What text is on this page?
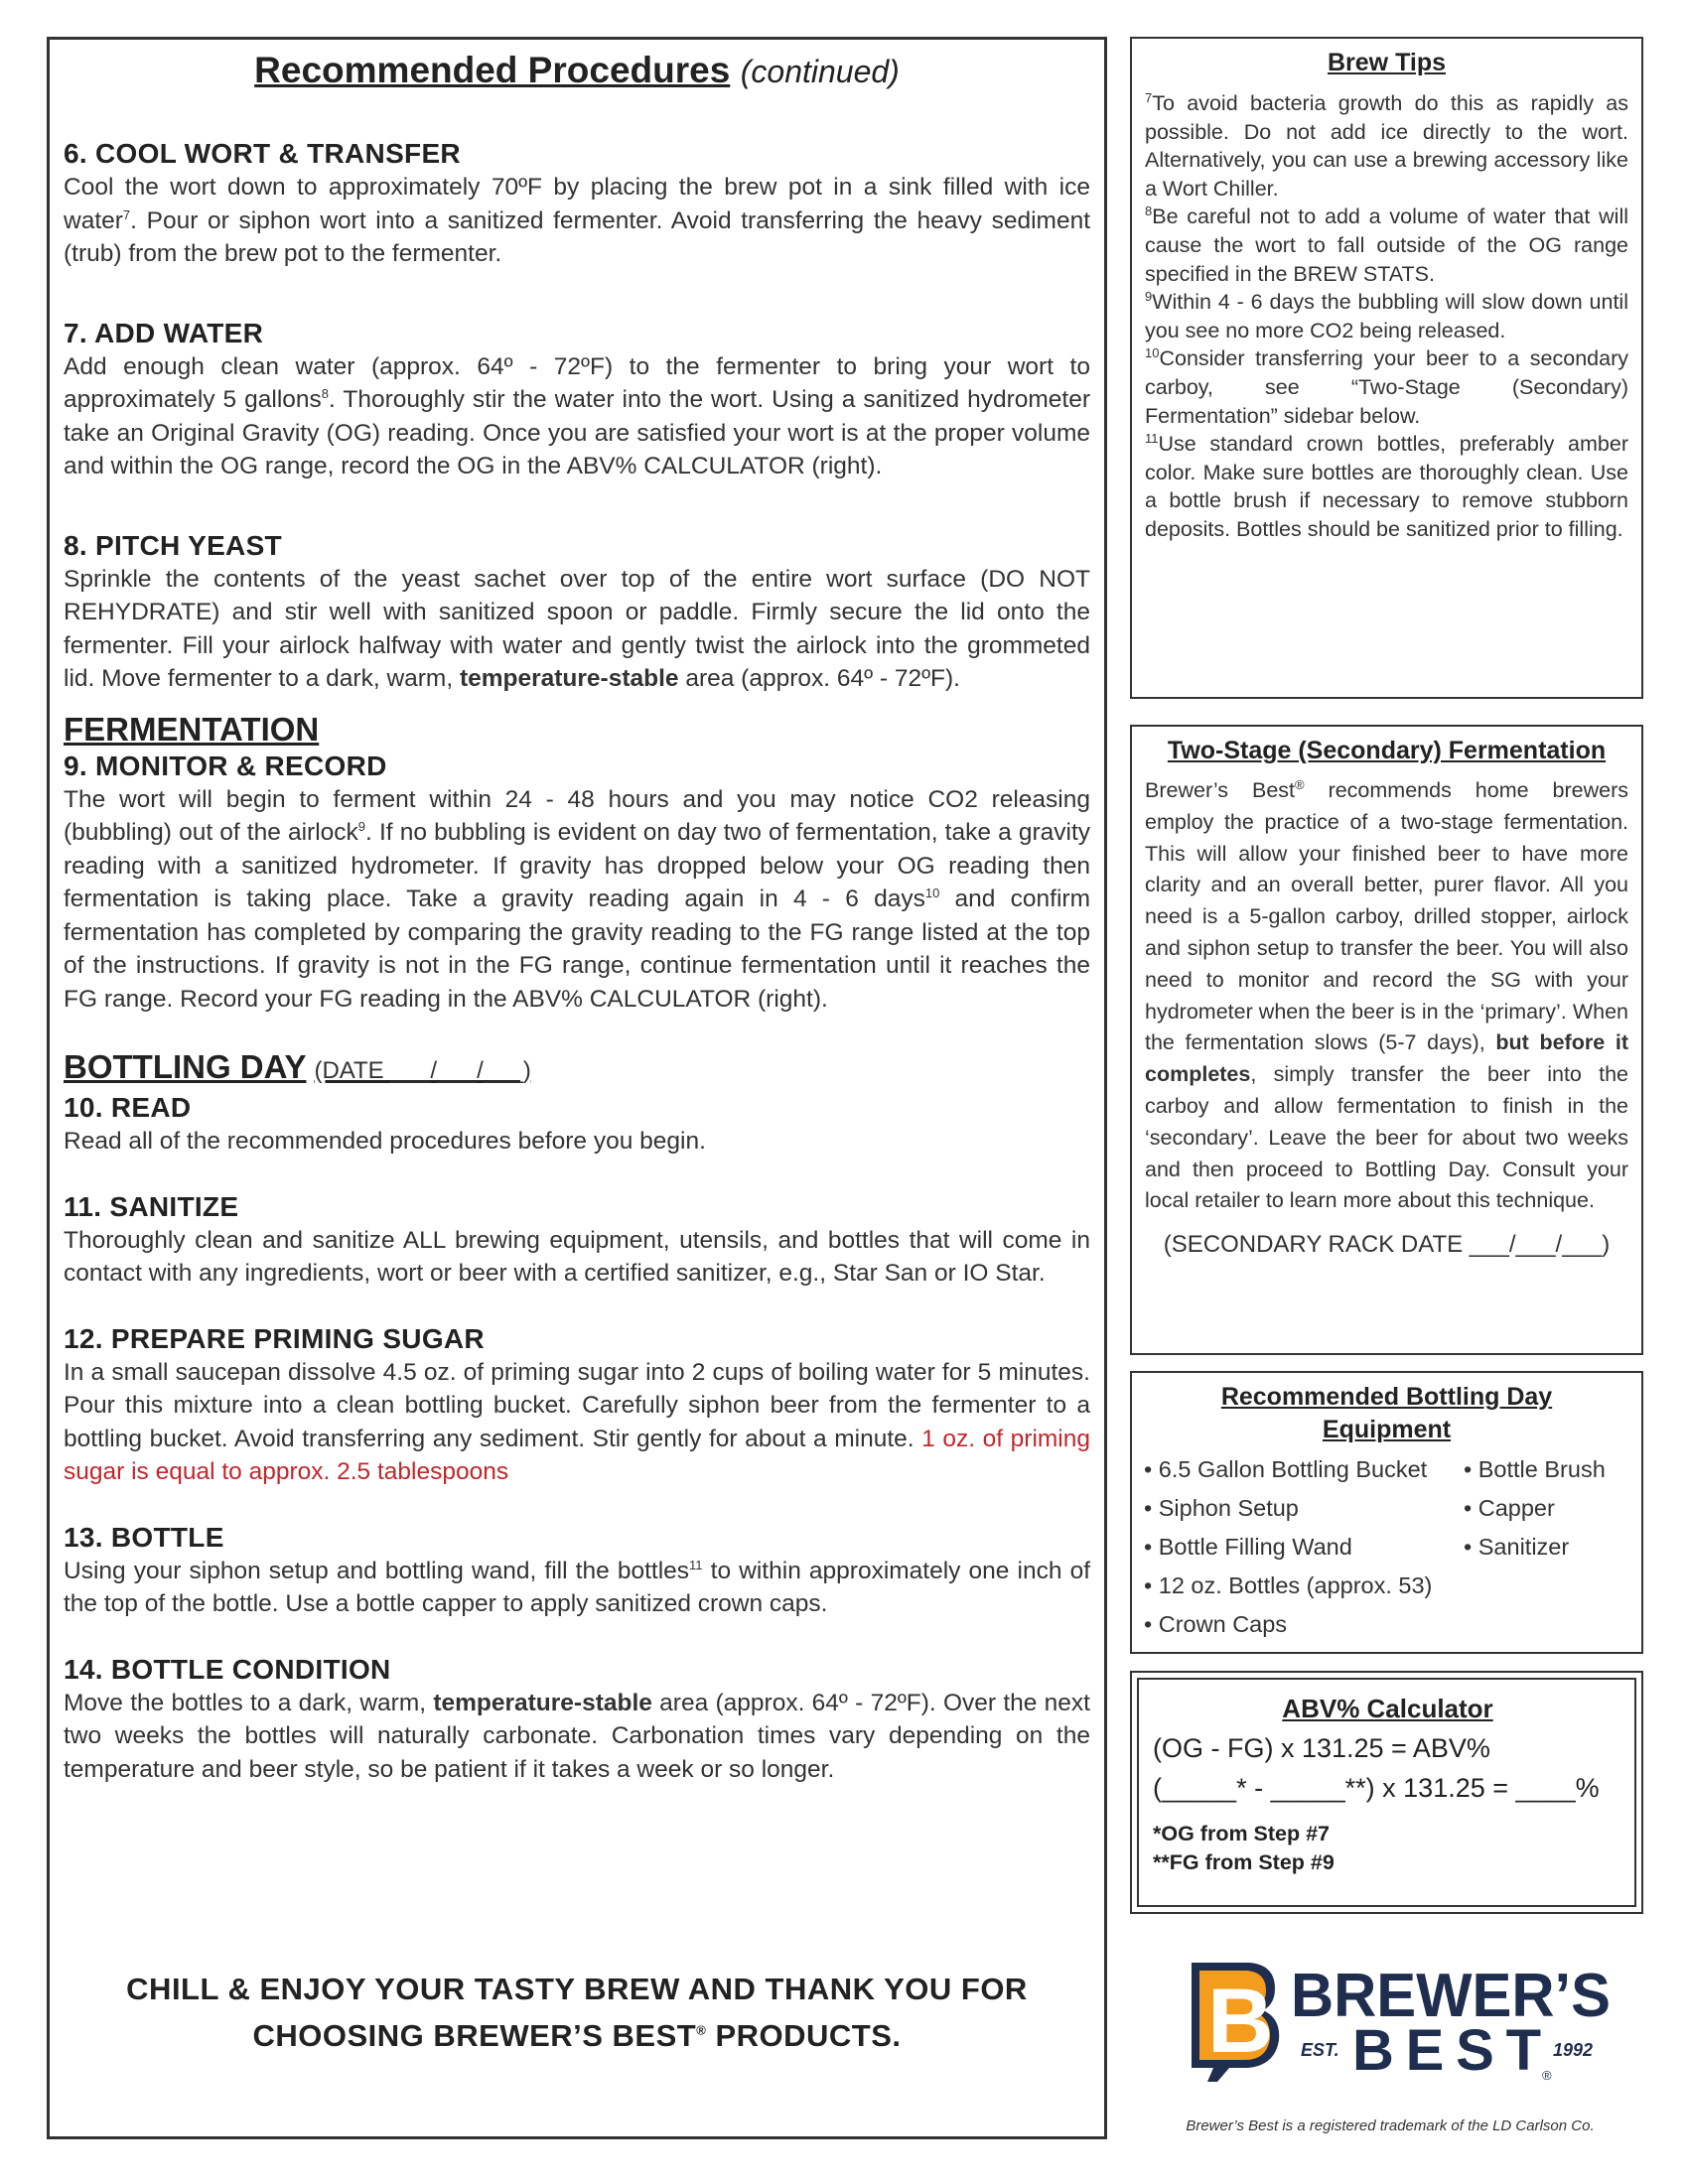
Recommended Procedures (continued)
6. COOL WORT & TRANSFER
Cool the wort down to approximately 70ºF by placing the brew pot in a sink filled with ice water$^7$. Pour or siphon wort into a sanitized fermenter. Avoid transferring the heavy sediment (trub) from the brew pot to the fermenter.
7. ADD WATER
Add enough clean water (approx. 64º - 72ºF) to the fermenter to bring your wort to approximately 5 gallons$^8$. Thoroughly stir the water into the wort. Using a sanitized hydrometer take an Original Gravity (OG) reading. Once you are satisfied your wort is at the proper volume and within the OG range, record the OG in the ABV% CALCULATOR (right).
8. PITCH YEAST
Sprinkle the contents of the yeast sachet over top of the entire wort surface (DO NOT REHYDRATE) and stir well with sanitized spoon or paddle. Firmly secure the lid onto the fermenter. Fill your airlock halfway with water and gently twist the airlock into the grommeted lid. Move fermenter to a dark, warm, temperature-stable area (approx. 64º - 72ºF).
FERMENTATION
9. MONITOR & RECORD
The wort will begin to ferment within 24 - 48 hours and you may notice CO2 releasing (bubbling) out of the airlock$^9$. If no bubbling is evident on day two of fermentation, take a gravity reading with a sanitized hydrometer. If gravity has dropped below your OG reading then fermentation is taking place. Take a gravity reading again in 4 - 6 days$^{10}$ and confirm fermentation has completed by comparing the gravity reading to the FG range listed at the top of the instructions. If gravity is not in the FG range, continue fermentation until it reaches the FG range. Record your FG reading in the ABV% CALCULATOR (right).
BOTTLING DAY (DATE ___/___/___)
10. READ
Read all of the recommended procedures before you begin.
11. SANITIZE
Thoroughly clean and sanitize ALL brewing equipment, utensils, and bottles that will come in contact with any ingredients, wort or beer with a certified sanitizer, e.g., Star San or IO Star.
12. PREPARE PRIMING SUGAR
In a small saucepan dissolve 4.5 oz. of priming sugar into 2 cups of boiling water for 5 minutes. Pour this mixture into a clean bottling bucket. Carefully siphon beer from the fermenter to a bottling bucket. Avoid transferring any sediment. Stir gently for about a minute. 1 oz. of priming sugar is equal to approx. 2.5 tablespoons
13. BOTTLE
Using your siphon setup and bottling wand, fill the bottles$^{11}$ to within approximately one inch of the top of the bottle. Use a bottle capper to apply sanitized crown caps.
14. BOTTLE CONDITION
Move the bottles to a dark, warm, temperature-stable area (approx. 64º - 72ºF). Over the next two weeks the bottles will naturally carbonate. Carbonation times vary depending on the temperature and beer style, so be patient if it takes a week or so longer.
CHILL & ENJOY YOUR TASTY BREW AND THANK YOU FOR
CHOOSING BREWER’S BEST® PRODUCTS.
Brew Tips

$^7$To avoid bacteria growth do this as rapidly as possible. Do not add ice directly to the wort. Alternatively, you can use a brewing accessory like a Wort Chiller.

$^8$Be careful not to add a volume of water that will cause the wort to fall outside of the OG range specified in the BREW STATS.

$^9$Within 4 - 6 days the bubbling will slow down until you see no more CO2 being released.

$^{10}$Consider transferring your beer to a secondary carboy, see “Two-Stage (Secondary) Fermentation” sidebar below.

$^{11}$Use standard crown bottles, preferably amber color. Make sure bottles are thoroughly clean. Use a bottle brush if necessary to remove stubborn deposits. Bottles should be sanitized prior to filling.

Two-Stage (Secondary) Fermentation

Brewer’s Best® recommends home brewers employ the practice of a two-stage fermentation. This will allow your finished beer to have more clarity and an overall better, purer flavor. All you need is a 5-gallon carboy, drilled stopper, airlock and siphon setup to transfer the beer. You will also need to monitor and record the SG with your hydrometer when the beer is in the ‘primary’. When the fermentation slows (5-7 days), but before it completes, simply transfer the beer into the carboy and allow fermentation to finish in the ‘secondary’. Leave the beer for about two weeks and then proceed to Bottling Day. Consult your local retailer to learn more about this technique.

(SECONDARY RACK DATE ___/___/___)
Recommended Bottling Day
Equipment
• 6.5 Gallon Bottling Bucket
• Siphon Setup
• Bottle Filling Wand
• 12 oz. Bottles (approx. 53)
• Crown Caps
• Bottle Brush
• Capper
• Sanitizer
ABV% Calculator
(OG - FG) x 131.25 = ABV%
(_____* - _____**) x 131.25 = ____%
*OG from Step #7
**FG from Step #9
B BREWER’S
EST. BEST 1992
®
Brewer’s Best is a registered trademark of the LD Carlson Co.
